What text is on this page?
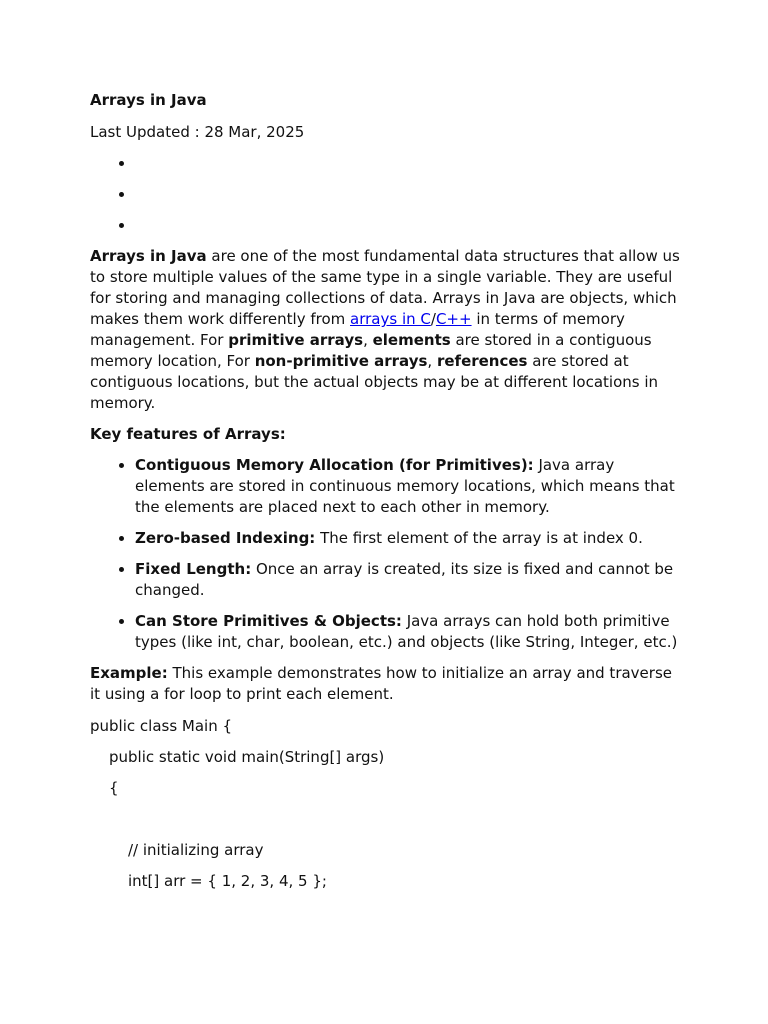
Arrays in Java

Last Updated : 28 Mar, 2025

•
•
•

Arrays in Java are one of the most fundamental data structures that allow us to store multiple values of the same type in a single variable. They are useful for storing and managing collections of data. Arrays in Java are objects, which makes them work differently from arrays in C/C++ in terms of memory management. For primitive arrays, elements are stored in a contiguous memory location, For non-primitive arrays, references are stored at contiguous locations, but the actual objects may be at different locations in memory.

Key features of Arrays:

• Contiguous Memory Allocation (for Primitives): Java array elements are stored in continuous memory locations, which means that the elements are placed next to each other in memory.
• Zero-based Indexing: The first element of the array is at index 0.
• Fixed Length: Once an array is created, its size is fixed and cannot be changed.
• Can Store Primitives & Objects: Java arrays can hold both primitive types (like int, char, boolean, etc.) and objects (like String, Integer, etc.)

Example: This example demonstrates how to initialize an array and traverse it using a for loop to print each element.

public class Main {

public static void main(String[] args)

{

// initializing array

int[] arr = { 1, 2, 3, 4, 5 };
